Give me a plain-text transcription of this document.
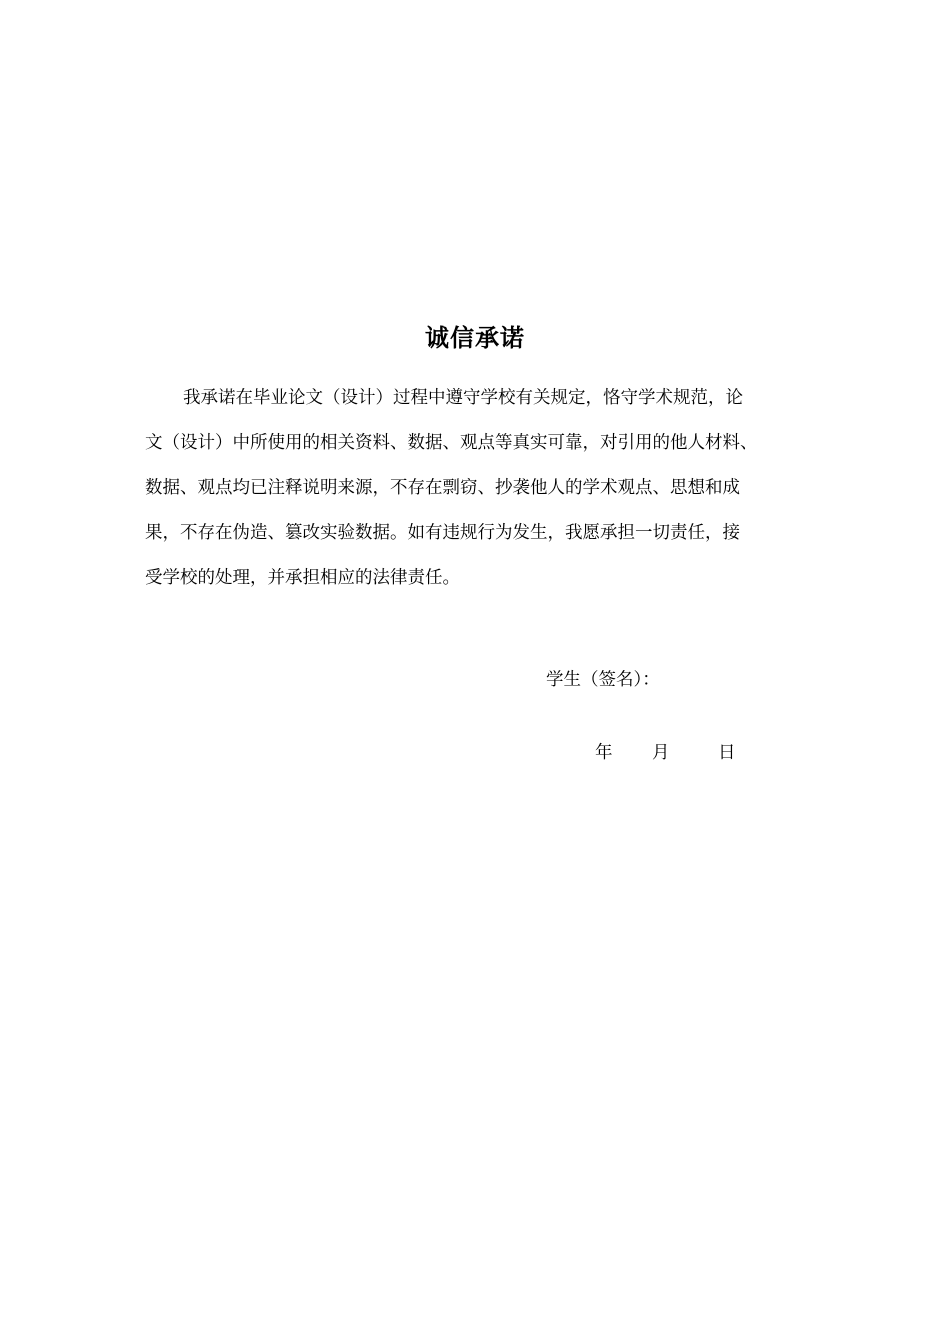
诚信承诺
我承诺在毕业论文（设计）过程中遵守学校有关规定，恪守学术规范，论
文（设计）中所使用的相关资料、数据、观点等真实可靠，对引用的他人材料、
数据、观点均已注释说明来源，不存在剽窃、抄袭他人的学术观点、思想和成
果，不存在伪造、篡改实验数据。如有违规行为发生，我愿承担一切责任，接
受学校的处理，并承担相应的法律责任。
学生（签名）：
年 月	日
